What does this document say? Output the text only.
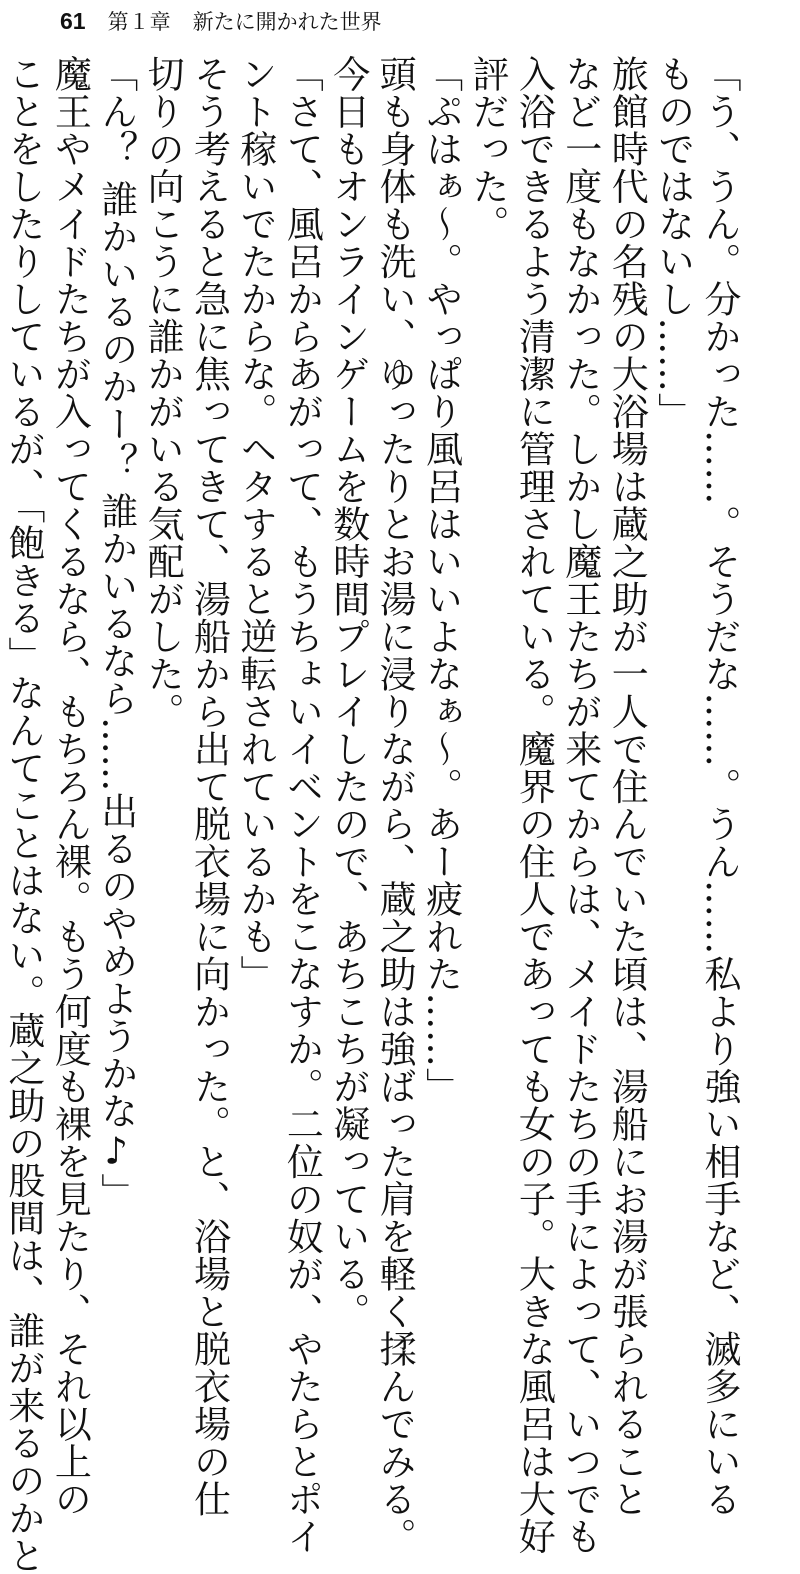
61 第１章 新たに開かれた世界
「う、うん。分かった……。そうだな……。うん……私より強い相手など、滅多にいる
ものではないし……」
旅館時代の名残の大浴場は蔵之助が一人で住んでいた頃は、湯船にお湯が張られること
など一度もなかった。しかし魔王たちが来てからは、メイドたちの手によって、いつでも
入浴できるよう清潔に管理されている。魔界の住人であっても女の子。大きな風呂は大好
評だった。
「ぷはぁ〜。やっぱり風呂はいいよなぁ〜。あー疲れた……」
頭も身体も洗い、ゆったりとお湯に浸りながら、蔵之助は強ばった肩を軽く揉んでみる。
今日もオンラインゲームを数時間プレイしたので、あちこちが凝っている。
「さて、風呂からあがって、もうちょいイベントをこなすか。二位の奴が、やたらとポイ
ント稼いでたからな。ヘタすると逆転されているかも」
そう考えると急に焦ってきて、湯船から出て脱衣場に向かった。と、浴場と脱衣場の仕
切りの向こうに誰かがいる気配がした。
「ん？ 誰かいるのかー？ 誰かいるなら……出るのやめようかな♪」
魔王やメイドたちが入ってくるなら、もちろん裸。もう何度も裸を見たり、それ以上の
ことをしたりしているが、「飽きる」なんてことはない。蔵之助の股間は、誰が来るのかと
